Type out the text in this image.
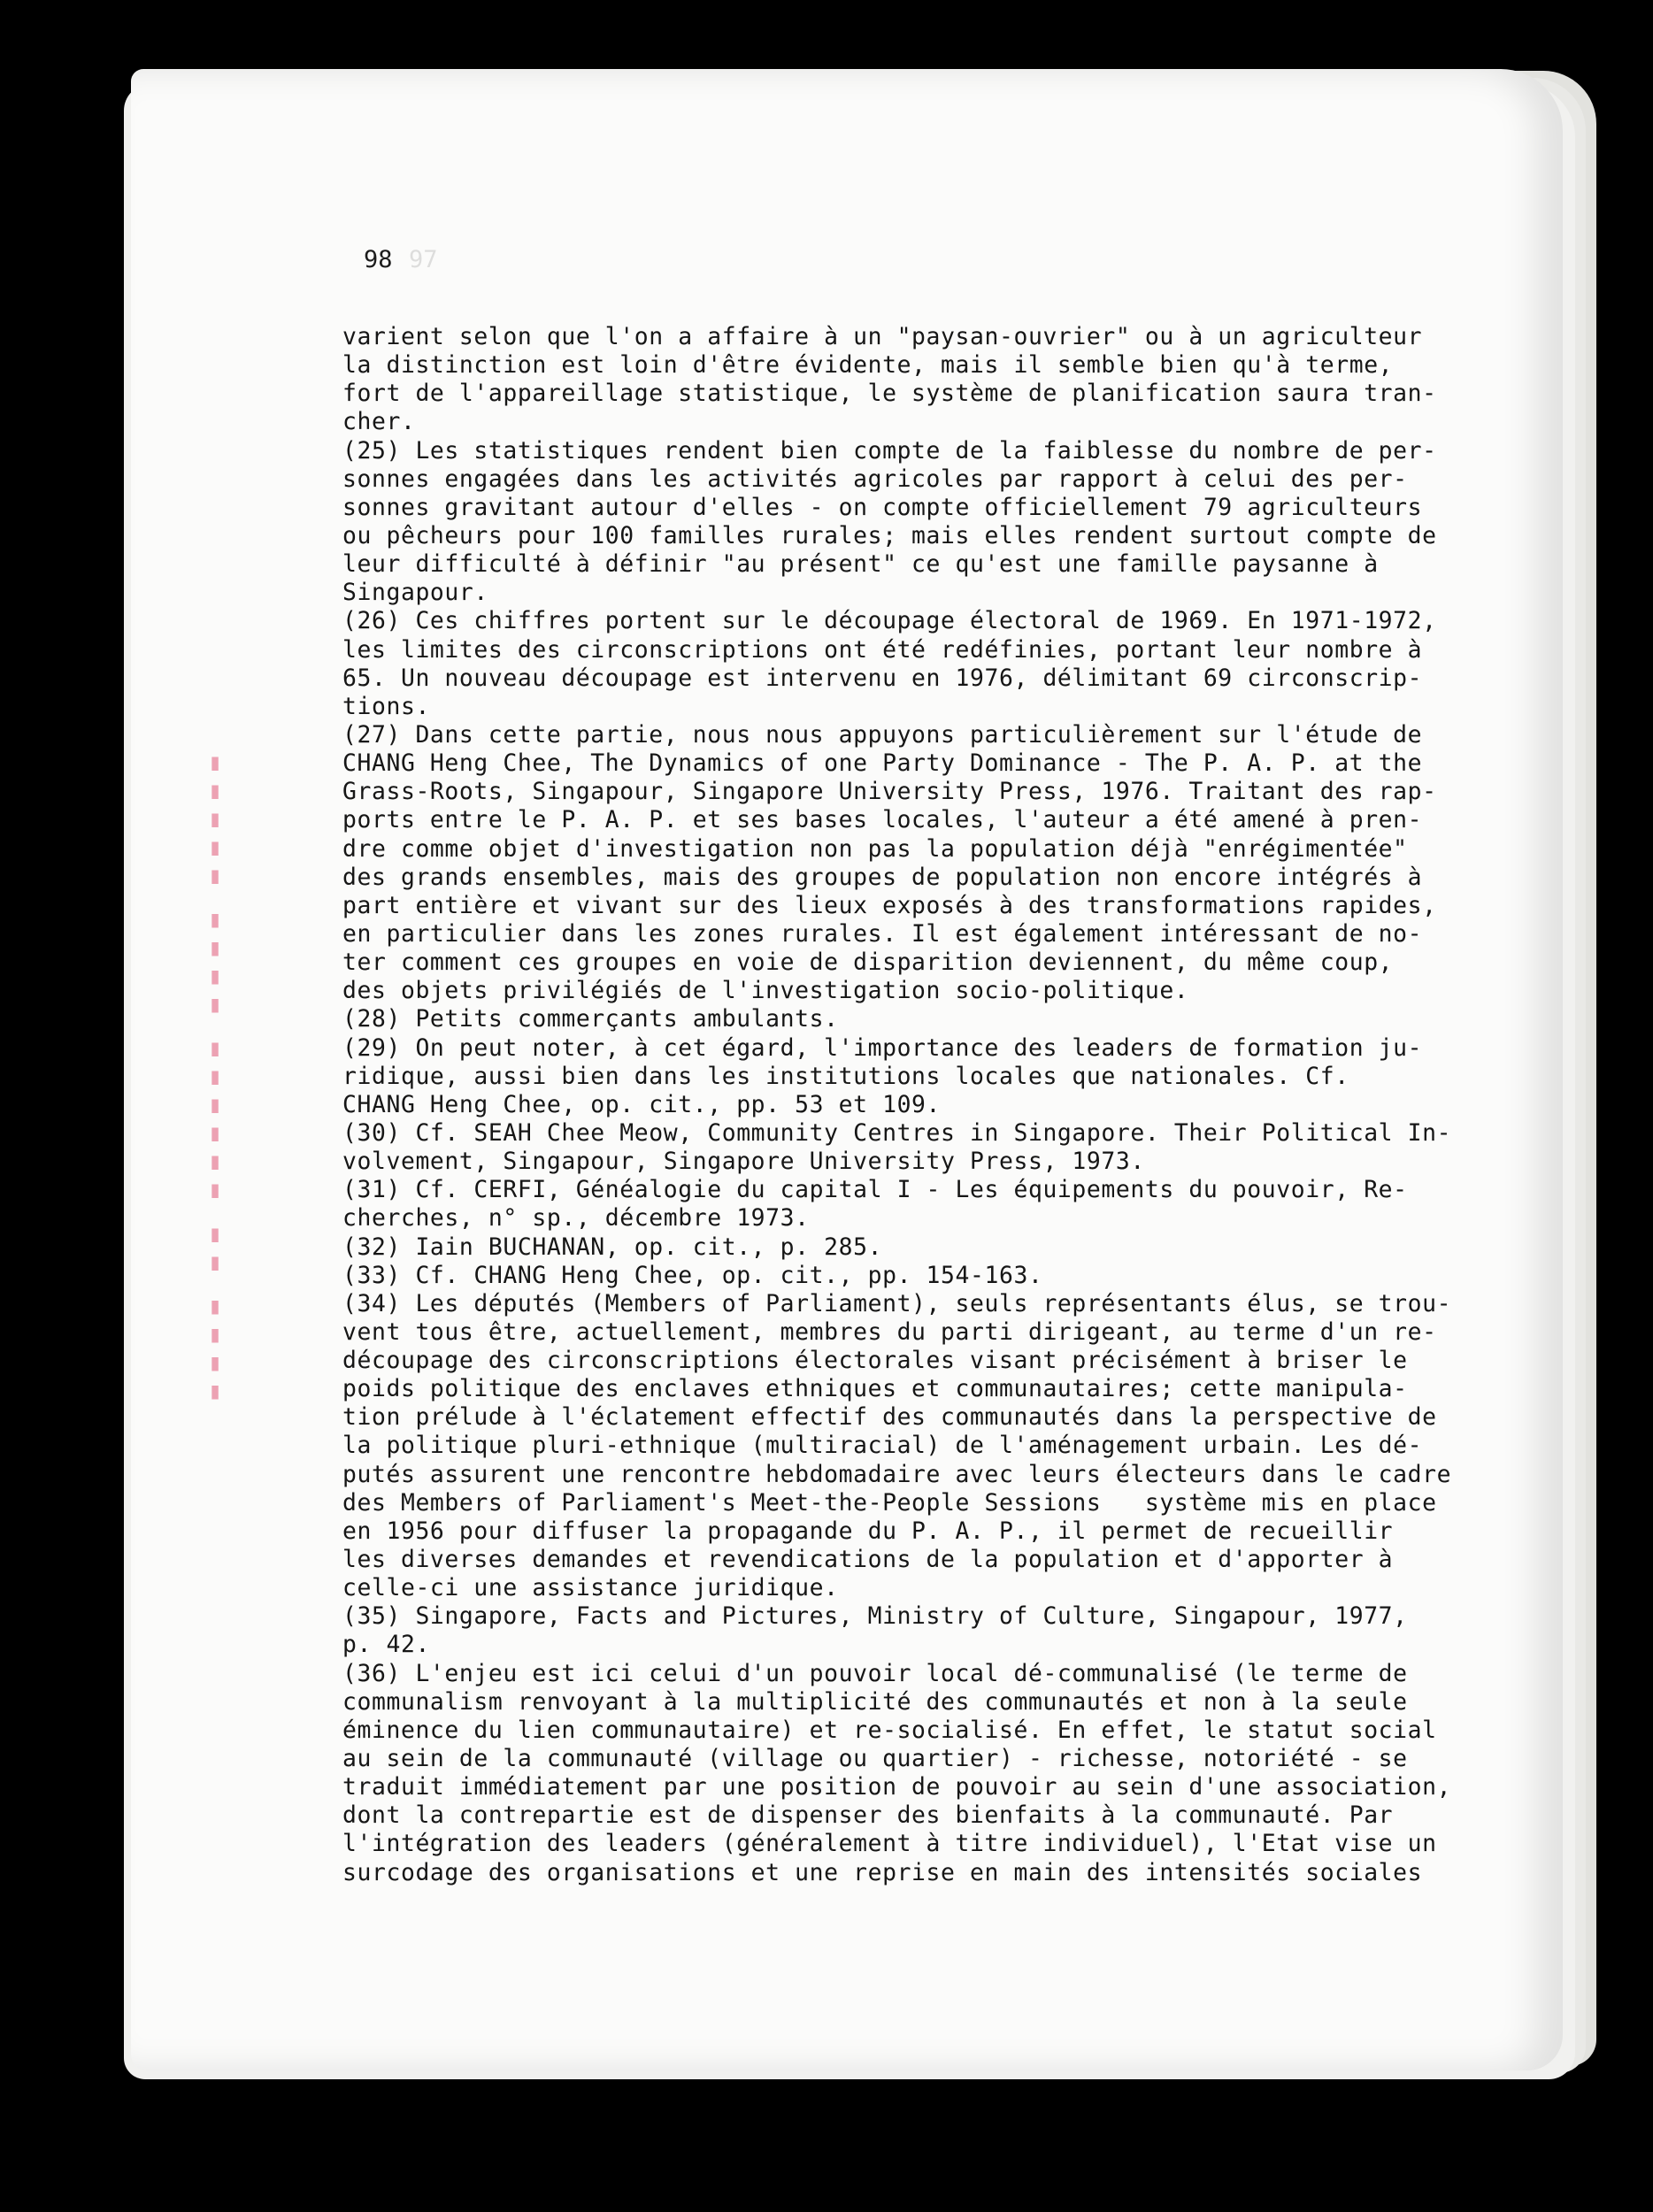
97
98
▮▮▮▮ ▮▮ ▮▮▮▮▮▮ ▮▮▮▮ ▮▮▮▮▮
varient selon que l'on a affaire à un "paysan-ouvrier" ou à un agriculteur
la distinction est loin d'être évidente, mais il semble bien qu'à terme,
fort de l'appareillage statistique, le système de planification saura tran-
cher.
(25) Les statistiques rendent bien compte de la faiblesse du nombre de per-
sonnes engagées dans les activités agricoles par rapport à celui des per-
sonnes gravitant autour d'elles - on compte officiellement 79 agriculteurs
ou pêcheurs pour 100 familles rurales; mais elles rendent surtout compte de
leur difficulté à définir "au présent" ce qu'est une famille paysanne à
Singapour.
(26) Ces chiffres portent sur le découpage électoral de 1969. En 1971-1972,
les limites des circonscriptions ont été redéfinies, portant leur nombre à
65. Un nouveau découpage est intervenu en 1976, délimitant 69 circonscrip-
tions.
(27) Dans cette partie, nous nous appuyons particulièrement sur l'étude de
CHANG Heng Chee, The Dynamics of one Party Dominance - The P. A. P. at the
Grass-Roots, Singapour, Singapore University Press, 1976. Traitant des rap-
ports entre le P. A. P. et ses bases locales, l'auteur a été amené à pren-
dre comme objet d'investigation non pas la population déjà "enrégimentée"
des grands ensembles, mais des groupes de population non encore intégrés à
part entière et vivant sur des lieux exposés à des transformations rapides,
en particulier dans les zones rurales. Il est également intéressant de no-
ter comment ces groupes en voie de disparition deviennent, du même coup,
des objets privilégiés de l'investigation socio-politique.
(28) Petits commerçants ambulants.
(29) On peut noter, à cet égard, l'importance des leaders de formation ju-
ridique, aussi bien dans les institutions locales que nationales. Cf.
CHANG Heng Chee, op. cit., pp. 53 et 109.
(30) Cf. SEAH Chee Meow, Community Centres in Singapore. Their Political In-
volvement, Singapour, Singapore University Press, 1973.
(31) Cf. CERFI, Généalogie du capital I - Les équipements du pouvoir, Re-
cherches, n° sp., décembre 1973.
(32) Iain BUCHANAN, op. cit., p. 285.
(33) Cf. CHANG Heng Chee, op. cit., pp. 154-163.
(34) Les députés (Members of Parliament), seuls représentants élus, se trou-
vent tous être, actuellement, membres du parti dirigeant, au terme d'un re-
découpage des circonscriptions électorales visant précisément à briser le
poids politique des enclaves ethniques et communautaires; cette manipula-
tion prélude à l'éclatement effectif des communautés dans la perspective de
la politique pluri-ethnique (multiracial) de l'aménagement urbain. Les dé-
putés assurent une rencontre hebdomadaire avec leurs électeurs dans le cadre
des Members of Parliament's Meet-the-People Sessions   système mis en place
en 1956 pour diffuser la propagande du P. A. P., il permet de recueillir
les diverses demandes et revendications de la population et d'apporter à
celle-ci une assistance juridique.
(35) Singapore, Facts and Pictures, Ministry of Culture, Singapour, 1977,
p. 42.
(36) L'enjeu est ici celui d'un pouvoir local dé-communalisé (le terme de
communalism renvoyant à la multiplicité des communautés et non à la seule
éminence du lien communautaire) et re-socialisé. En effet, le statut social
au sein de la communauté (village ou quartier) - richesse, notoriété - se
traduit immédiatement par une position de pouvoir au sein d'une association,
dont la contrepartie est de dispenser des bienfaits à la communauté. Par
l'intégration des leaders (généralement à titre individuel), l'Etat vise un
surcodage des organisations et une reprise en main des intensités sociales
